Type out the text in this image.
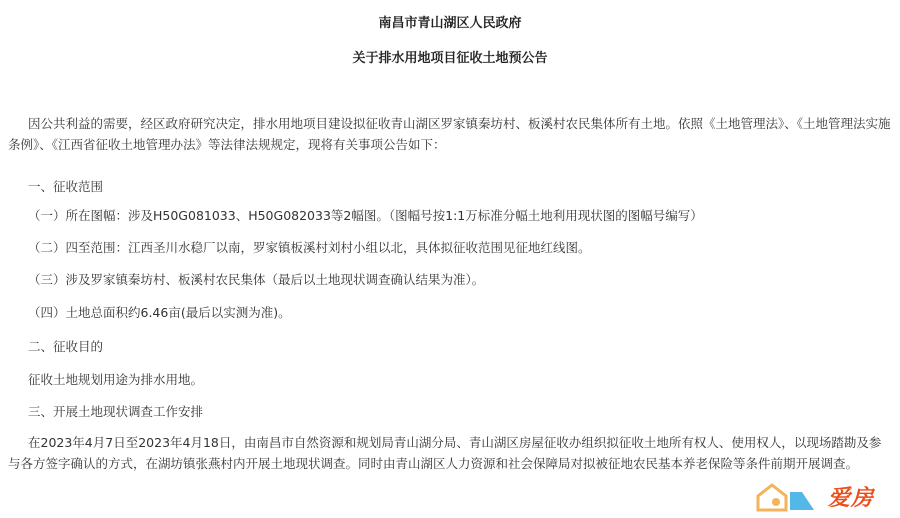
南昌市青山湖区人民政府
关于排水用地项目征收土地预公告

因公共利益的需要，经区政府研究决定，排水用地项目建设拟征收青山湖区罗家镇秦坊村、板溪村农民集体所有土地。依照《土地管理法》、《土地管理法实施条例》、《江西省征收土地管理办法》等法律法规规定，现将有关事项公告如下：

一、征收范围

（一）所在图幅：涉及H50G081033、H50G082033等2幅图。（图幅号按1:1万标准分幅土地利用现状图的图幅号编写）

（二）四至范围：江西圣川水稳厂以南，罗家镇板溪村刘村小组以北，具体拟征收范围见征地红线图。

（三）涉及罗家镇秦坊村、板溪村农民集体（最后以土地现状调查确认结果为准）。

（四）土地总面积约6.46亩(最后以实测为准)。

二、征收目的

征收土地规划用途为排水用地。

三、开展土地现状调查工作安排

在2023年4月7日至2023年4月18日，由南昌市自然资源和规划局青山湖分局、青山湖区房屋征收办组织拟征收土地所有权人、使用权人，以现场踏勘及参与各方签字确认的方式，在湖坊镇张燕村内开展土地现状调查。同时由青山湖区人力资源和社会保障局对拟被征地农民基本养老保险等条件前期开展调查。

爱房
